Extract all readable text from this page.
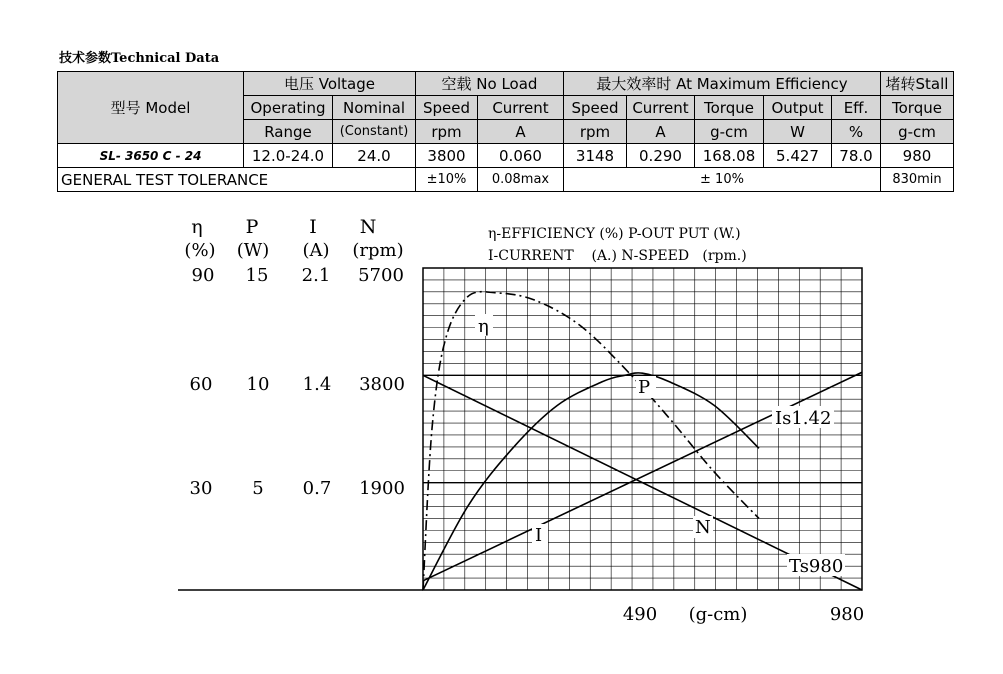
技术参数Technical Data
型号 Model	电压 Voltage		空载 No Load		最大效率时 At Maximum Efficiency					堵转Stall
	Operating	Nominal	Speed	Current	Speed	Current	Torque	Output	Eff.	Torque
	Range	(Constant)	rpm	A	rpm	A	g-cm	W	%	g-cm
SL- 3650 C - 24	12.0-24.0	24.0	3800	0.060	3148	0.290	168.08	5.427	78.0	980
GENERAL TEST TOLERANCE			±10%	0.08max	± 10%					830min
η
(%)
P
(W)
I
(A)
N
(rpm)
90
60
30
15
10
5
2.1
1.4
0.7
5700
3800
1900
η-EFFICIENCY (%) P-OUT PUT (W.)
I-CURRENT    (A.) N-SPEED   (rpm.)
490 (g-cm)	980
η
P
I	N
Is1.42
Ts980
